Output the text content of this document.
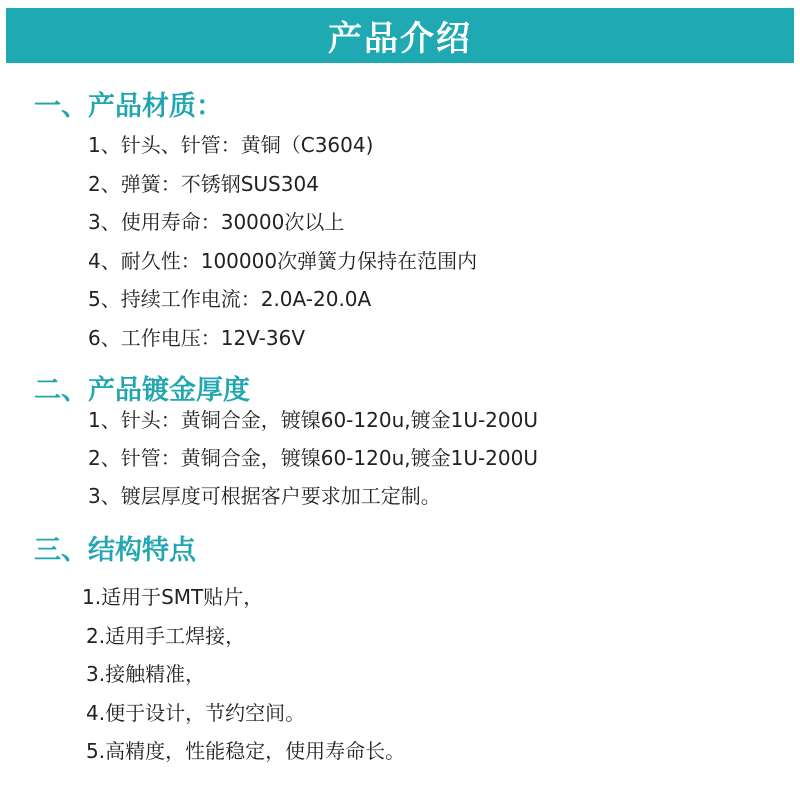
产品介绍
一、产品材质：
1、针头、针管：黄铜（C3604)
2、弹簧：不锈钢SUS304
3、使用寿命：30000次以上
4、耐久性：100000次弹簧力保持在范围内
5、持续工作电流：2.0A-20.0A
6、工作电压：12V-36V
二、产品镀金厚度
1、针头：黄铜合金，镀镍60-120u,镀金1U-200U
2、针管：黄铜合金，镀镍60-120u,镀金1U-200U
3、镀层厚度可根据客户要求加工定制。
三、结构特点
1.适用于SMT贴片，
2.适用手工焊接，
3.接触精准，
4.便于设计，节约空间。
5.高精度，性能稳定，使用寿命长。
